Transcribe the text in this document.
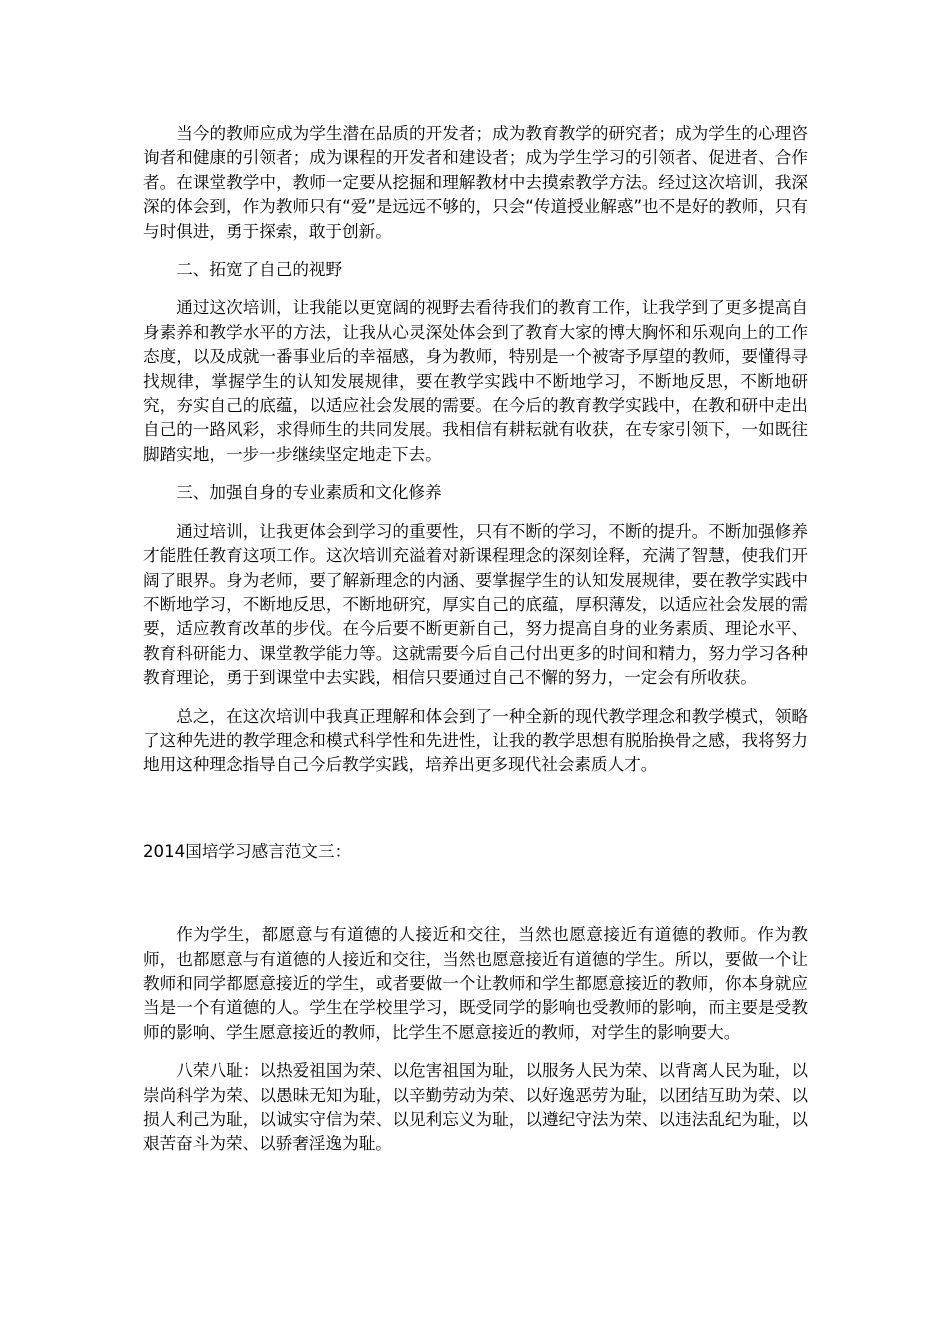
当今的教师应成为学生潜在品质的开发者；成为教育教学的研究者；成为学生的心理咨询者和健康的引领者；成为课程的开发者和建设者；成为学生学习的引领者、促进者、合作者。在课堂教学中，教师一定要从挖掘和理解教材中去摸索教学方法。经过这次培训，我深深的体会到，作为教师只有“爱”是远远不够的，只会“传道授业解惑”也不是好的教师，只有与时俱进，勇于探索，敢于创新。

二、拓宽了自己的视野

通过这次培训，让我能以更宽阔的视野去看待我们的教育工作，让我学到了更多提高自身素养和教学水平的方法，让我从心灵深处体会到了教育大家的博大胸怀和乐观向上的工作态度，以及成就一番事业后的幸福感，身为教师，特别是一个被寄予厚望的教师，要懂得寻找规律，掌握学生的认知发展规律，要在教学实践中不断地学习，不断地反思，不断地研究，夯实自己的底蕴，以适应社会发展的需要。在今后的教育教学实践中，在教和研中走出自己的一路风彩，求得师生的共同发展。我相信有耕耘就有收获，在专家引领下，一如既往脚踏实地，一步一步继续坚定地走下去。

三、加强自身的专业素质和文化修养

通过培训，让我更体会到学习的重要性，只有不断的学习，不断的提升。不断加强修养才能胜任教育这项工作。这次培训充溢着对新课程理念的深刻诠释，充满了智慧，使我们开阔了眼界。身为老师，要了解新理念的内涵、要掌握学生的认知发展规律，要在教学实践中不断地学习，不断地反思，不断地研究，厚实自己的底蕴，厚积薄发，以适应社会发展的需要，适应教育改革的步伐。在今后要不断更新自己，努力提高自身的业务素质、理论水平、教育科研能力、课堂教学能力等。这就需要今后自己付出更多的时间和精力，努力学习各种教育理论，勇于到课堂中去实践，相信只要通过自己不懈的努力，一定会有所收获。

总之，在这次培训中我真正理解和体会到了一种全新的现代教学理念和教学模式，领略了这种先进的教学理念和模式科学性和先进性，让我的教学思想有脱胎换骨之感，我将努力地用这种理念指导自己今后教学实践，培养出更多现代社会素质人才。

2014国培学习感言范文三：

作为学生，都愿意与有道德的人接近和交往，当然也愿意接近有道德的教师。作为教师，也都愿意与有道德的人接近和交往，当然也愿意接近有道德的学生。所以，要做一个让教师和同学都愿意接近的学生，或者要做一个让教师和学生都愿意接近的教师，你本身就应当是一个有道德的人。学生在学校里学习，既受同学的影响也受教师的影响，而主要是受教师的影响、学生愿意接近的教师，比学生不愿意接近的教师，对学生的影响要大。

八荣八耻：以热爱祖国为荣、以危害祖国为耻，以服务人民为荣、以背离人民为耻，以崇尚科学为荣、以愚昧无知为耻，以辛勤劳动为荣、以好逸恶劳为耻，以团结互助为荣、以损人利己为耻，以诚实守信为荣、以见利忘义为耻，以遵纪守法为荣、以违法乱纪为耻，以艰苦奋斗为荣、以骄奢淫逸为耻。
